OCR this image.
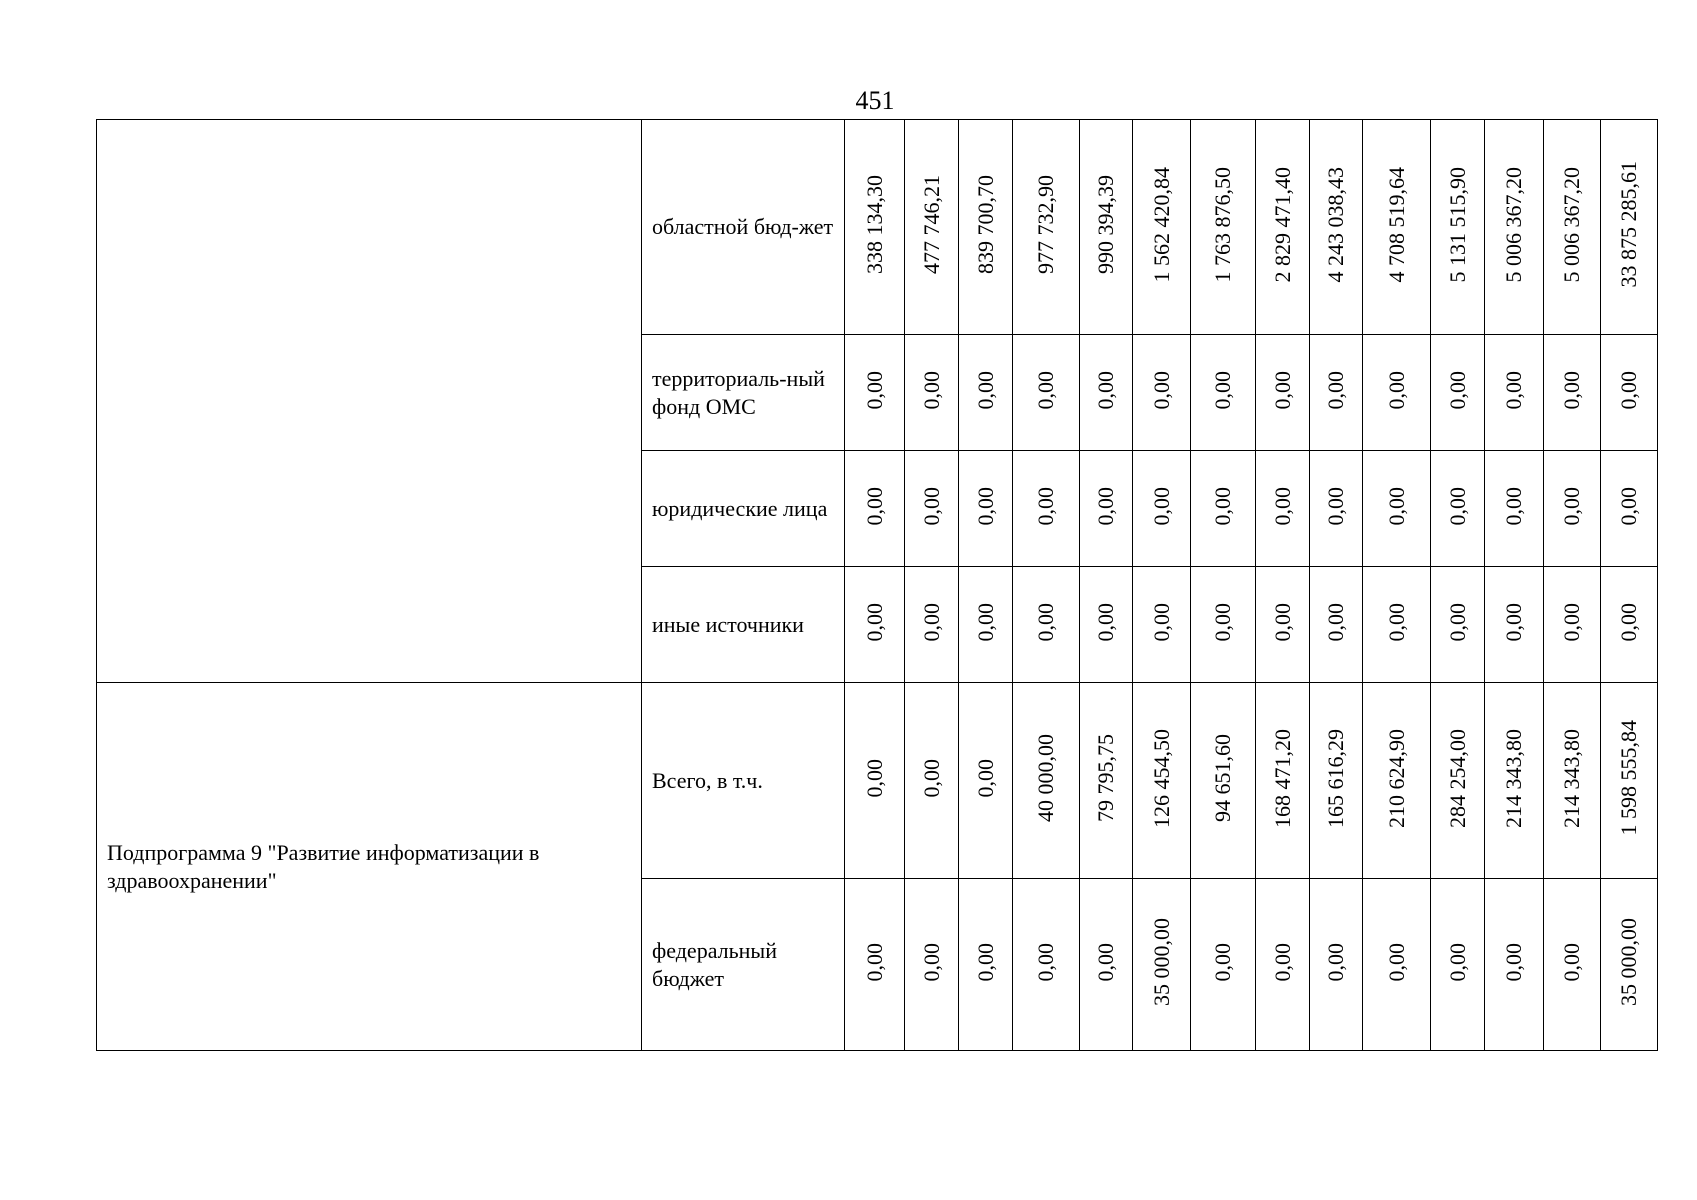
451
	областной бюд-жет	338 134,30	477 746,21	839 700,70	977 732,90	990 394,39	1 562 420,84	1 763 876,50	2 829 471,40	4 243 038,43	4 708 519,64	5 131 515,90	5 006 367,20	5 006 367,20	33 875 285,61
	территориаль-ный фонд ОМС	0,00	0,00	0,00	0,00	0,00	0,00	0,00	0,00	0,00	0,00	0,00	0,00	0,00	0,00
	юридические лица	0,00	0,00	0,00	0,00	0,00	0,00	0,00	0,00	0,00	0,00	0,00	0,00	0,00	0,00
	иные источники	0,00	0,00	0,00	0,00	0,00	0,00	0,00	0,00	0,00	0,00	0,00	0,00	0,00	0,00
Подпрограмма 9 "Развитие информатизации в здравоохранении"	Всего, в т.ч.	0,00	0,00	0,00	40 000,00	79 795,75	126 454,50	94 651,60	168 471,20	165 616,29	210 624,90	284 254,00	214 343,80	214 343,80	1 598 555,84
	федеральный бюджет	0,00	0,00	0,00	0,00	0,00	35 000,00	0,00	0,00	0,00	0,00	0,00	0,00	0,00	35 000,00
